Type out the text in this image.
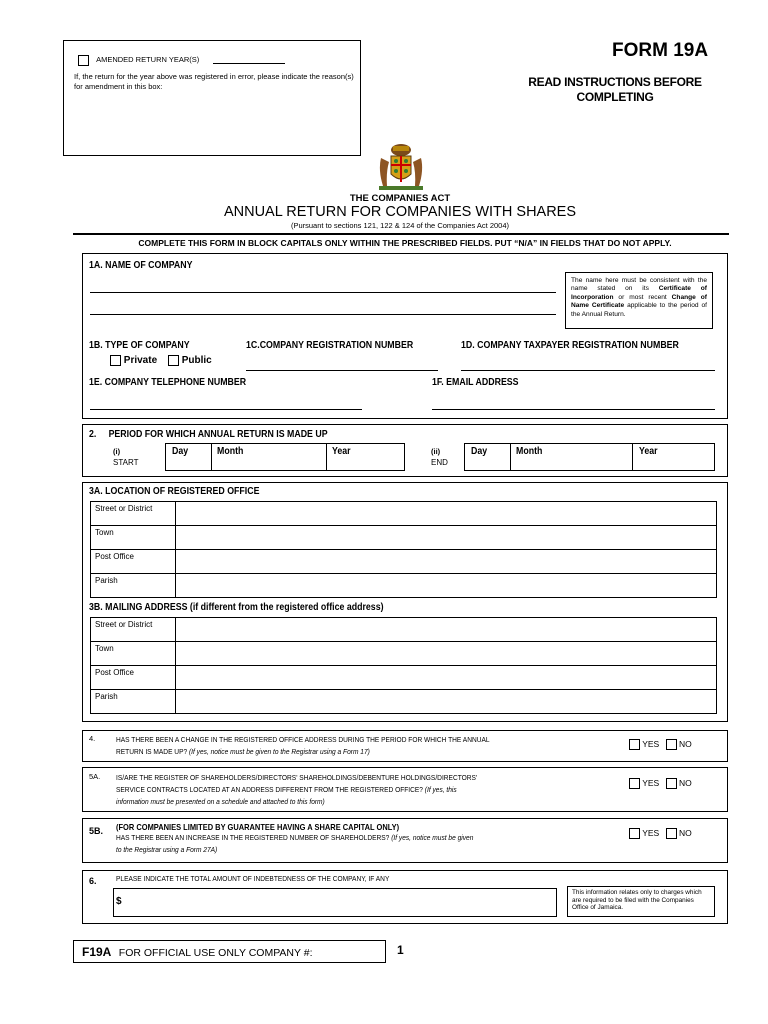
AMENDED RETURN YEAR(S)
If, the return for the year above was registered in error, please indicate the reason(s) for amendment in this box:
FORM 19A
READ INSTRUCTIONS BEFORE
COMPLETING
THE COMPANIES ACT
ANNUAL RETURN FOR COMPANIES WITH SHARES
(Pursuant to sections 121, 122 & 124 of the Companies Act 2004)
COMPLETE THIS FORM IN BLOCK CAPITALS ONLY WITHIN THE PRESCRIBED FIELDS. PUT “N/A” IN FIELDS THAT DO NOT APPLY.
1A. NAME OF COMPANY
The name here must be consistent with the name stated on its Certificate of Incorporation or most recent Change of Name Certificate applicable to the period of the Annual Return.
1B. TYPE OF COMPANY	1C.COMPANY REGISTRATION NUMBER	1D. COMPANY TAXPAYER REGISTRATION NUMBER
Private Public
1E. COMPANY TELEPHONE NUMBER	1F. EMAIL ADDRESS
2.     PERIOD FOR WHICH ANNUAL RETURN IS MADE UP
(i)
START
Day	Month	Year	(ii)
END
Day	Month	Year
3A. LOCATION OF REGISTERED OFFICE
Street or District	
Town	
Post Office	
Parish	
3B. MAILING ADDRESS (if different from the registered office address)
Street or District	
Town	
Post Office	
Parish	
4.	HAS THERE BEEN A CHANGE IN THE REGISTERED OFFICE ADDRESS DURING THE PERIOD FOR WHICH THE ANNUAL
RETURN IS MADE UP? (If yes, notice must be given to the Registrar using a Form 17)
YES NO
5A. IS/ARE THE REGISTER OF SHAREHOLDERS/DIRECTORS' SHAREHOLDINGS/DEBENTURE HOLDINGS/DIRECTORS'
SERVICE CONTRACTS LOCATED AT AN ADDRESS DIFFERENT FROM THE REGISTERED OFFICE? (If yes, this
information must be presented on a schedule and attached to this form)
YES NO
5B. (FOR COMPANIES LIMITED BY GUARANTEE HAVING A SHARE CAPITAL ONLY)
HAS THERE BEEN AN INCREASE IN THE REGISTERED NUMBER OF SHAREHOLDERS? (If yes, notice must be given
to the Registrar using a Form 27A)
YES NO
6.	PLEASE INDICATE THE TOTAL AMOUNT OF INDEBTEDNESS OF THE COMPANY, IF ANY
$
This information relates only to charges which are required to be filed with the Companies Office of Jamaica.
F19A FOR OFFICIAL USE ONLY COMPANY #:	1
